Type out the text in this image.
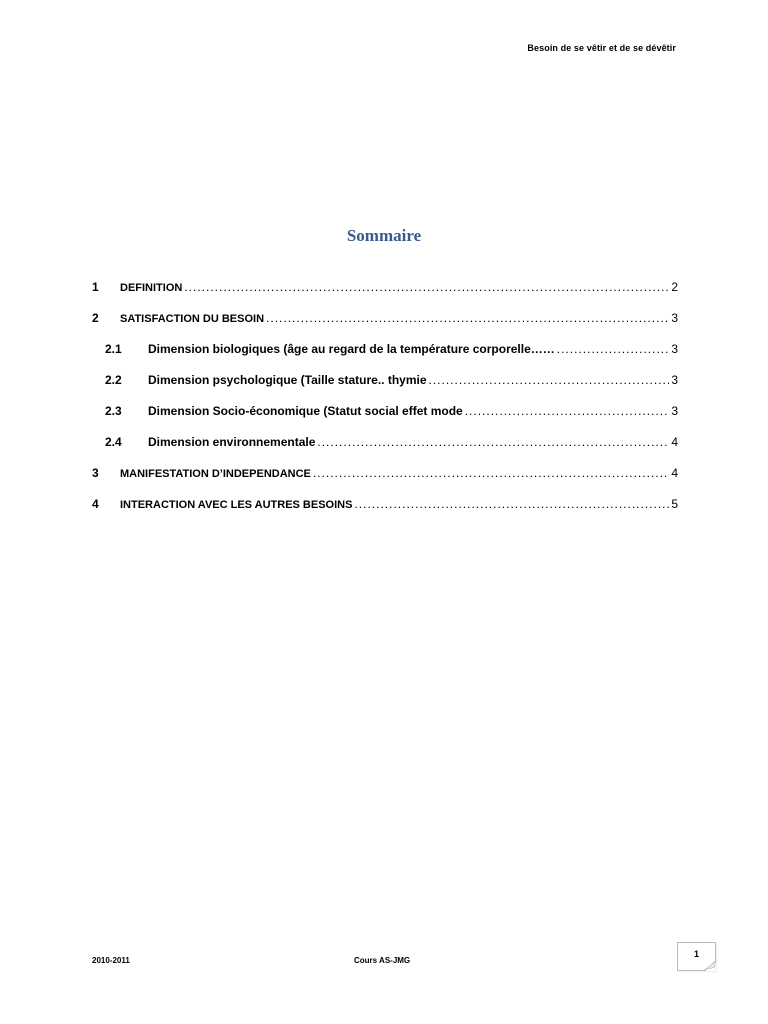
Besoin de se vêtir et de se dévêtir
Sommaire
1	DEFINITION .....	2
2	SATISFACTION DU BESOIN .....	3
2.1	Dimension biologiques (âge au regard de la température corporelle…… .....	3
2.2	Dimension psychologique (Taille stature.. thymie .....	3
2.3	Dimension Socio-économique (Statut social effet mode .....	3
2.4	Dimension environnementale .....	4
3	MANIFESTATION D’INDEPENDANCE .....	4
4	INTERACTION AVEC LES AUTRES BESOINS .....	5
2010-2011	Cours AS-JMG
1
